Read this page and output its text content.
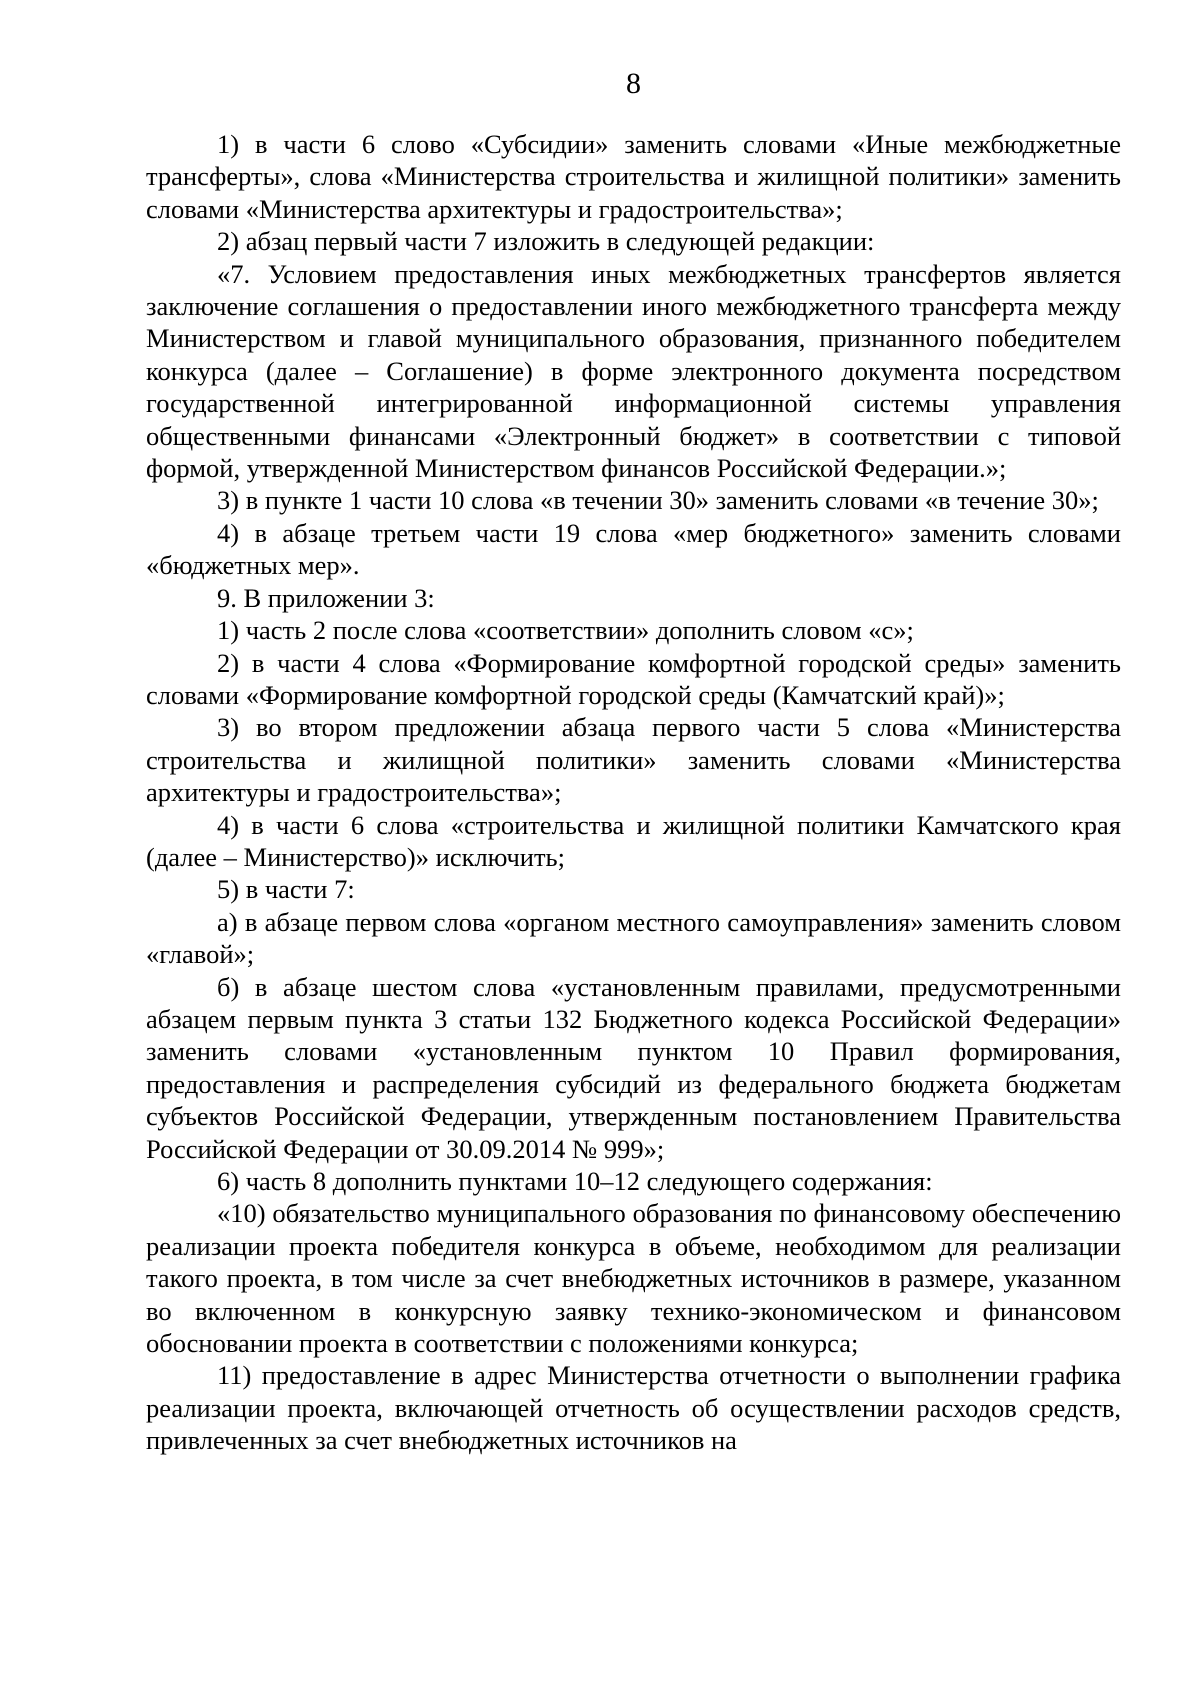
8

1) в части 6 слово «Субсидии» заменить словами «Иные межбюджетные трансферты», слова «Министерства строительства и жилищной политики» заменить словами «Министерства архитектуры и градостроительства»;

2) абзац первый части 7 изложить в следующей редакции:

«7. Условием предоставления иных межбюджетных трансфертов является заключение соглашения о предоставлении иного межбюджетного трансферта между Министерством и главой муниципального образования, признанного победителем конкурса (далее – Соглашение) в форме электронного документа посредством государственной интегрированной информационной системы управления общественными финансами «Электронный бюджет» в соответствии с типовой формой, утвержденной Министерством финансов Российской Федерации.»;

3) в пункте 1 части 10 слова «в течении 30» заменить словами «в течение 30»;

4) в абзаце третьем части 19 слова «мер бюджетного» заменить словами «бюджетных мер».

9. В приложении 3:

1) часть 2 после слова «соответствии» дополнить словом «с»;

2) в части 4 слова «Формирование комфортной городской среды» заменить словами «Формирование комфортной городской среды (Камчатский край)»;

3) во втором предложении абзаца первого части 5 слова «Министерства строительства и жилищной политики» заменить словами «Министерства архитектуры и градостроительства»;

4) в части 6 слова «строительства и жилищной политики Камчатского края (далее – Министерство)» исключить;

5) в части 7:

а) в абзаце первом слова «органом местного самоуправления» заменить словом «главой»;

б) в абзаце шестом слова «установленным правилами, предусмотренными абзацем первым пункта 3 статьи 132 Бюджетного кодекса Российской Федерации» заменить словами «установленным пунктом 10 Правил формирования, предоставления и распределения субсидий из федерального бюджета бюджетам субъектов Российской Федерации, утвержденным постановлением Правительства Российской Федерации от 30.09.2014 № 999»;

6) часть 8 дополнить пунктами 10–12 следующего содержания:

«10) обязательство муниципального образования по финансовому обеспечению реализации проекта победителя конкурса в объеме, необходимом для реализации такого проекта, в том числе за счет внебюджетных источников в размере, указанном во включенном в конкурсную заявку технико-экономическом и финансовом обосновании проекта в соответствии с положениями конкурса;

11) предоставление в адрес Министерства отчетности о выполнении графика реализации проекта, включающей отчетность об осуществлении расходов средств, привлеченных за счет внебюджетных источников на
